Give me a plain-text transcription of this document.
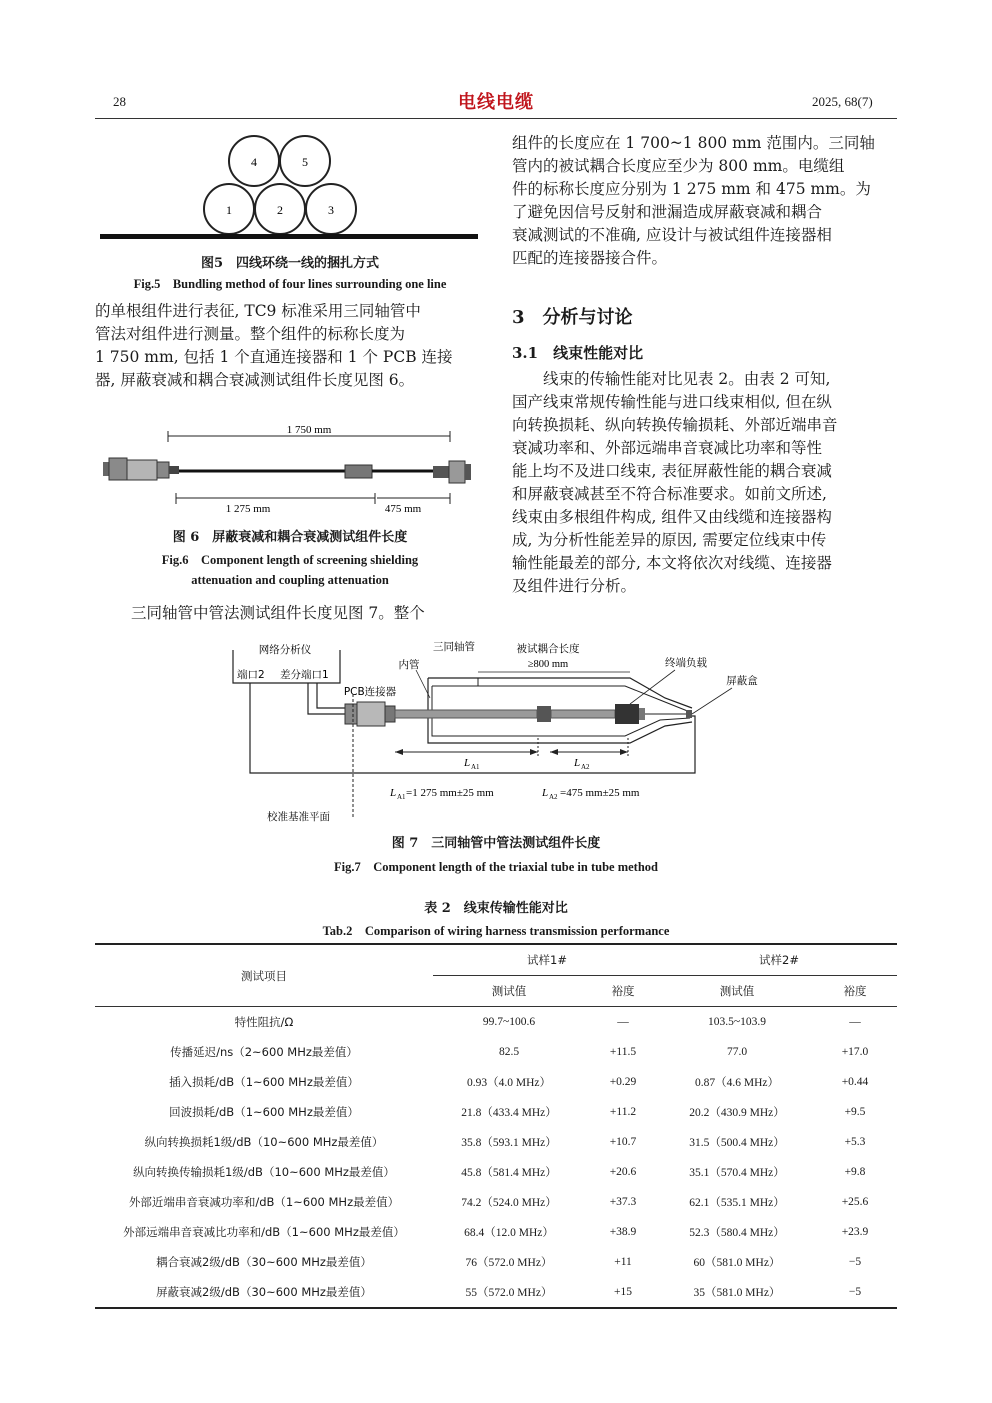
28	电线电缆	2025, 68(7)
4	5
1	2	3
图5　四线环绕一线的捆扎方式
Fig.5　Bundling method of four lines surrounding one line
的单根组件进行表征, TC9 标准采用三同轴管中
管法对组件进行测量。整个组件的标称长度为
1 750 mm, 包括 1 个直通连接器和 1 个 PCB 连接
器, 屏蔽衰减和耦合衰减测试组件长度见图 6。
1 750 mm
1 275 mm	475 mm
图 6　屏蔽衰减和耦合衰减测试组件长度
Fig.6　Component length of screening shielding
attenuation and coupling attenuation
三同轴管中管法测试组件长度见图 7。整个
组件的长度应在 1 700~1 800 mm 范围内。三同轴
管内的被试耦合长度应至少为 800 mm。电缆组
件的标称长度应分别为 1 275 mm 和 475 mm。为
了避免因信号反射和泄漏造成屏蔽衰减和耦合
衰减测试的不准确, 应设计与被试组件连接器相
匹配的连接器接合件。
3　分析与讨论
3.1　线束性能对比
线束的传输性能对比见表 2。由表 2 可知,
国产线束常规传输性能与进口线束相似, 但在纵
向转换损耗、纵向转换传输损耗、外部近端串音
衰减功率和、外部远端串音衰减比功率和等性
能上均不及进口线束, 表征屏蔽性能的耦合衰减
和屏蔽衰减甚至不符合标准要求。如前文所述,
线束由多根组件构成, 组件又由线缆和连接器构
成, 为分析性能差异的原因, 需要定位线束中传
输性能最差的部分, 本文将依次对线缆、连接器
及组件进行分析。
网络分析仪
端口2 差分端口1
三同轴管
内管
被试耦合长度
≥800 mm	终端负载
屏蔽盒
PCB连接器
L A1	L A2
L A1 =1 275 mm±25 mm	L A2 =475 mm±25 mm
校准基准平面
图 7　三同轴管中管法测试组件长度
Fig.7　Component length of the triaxial tube in tube method
表 2　线束传输性能对比
Tab.2　Comparison of wiring harness transmission performance
测试项目	试样1#		试样2#	
	测试值	裕度	测试值	裕度
特性阻抗/Ω	99.7~100.6	—	103.5~103.9	—
传播延迟/ns（2~600 MHz最差值）	82.5	+11.5	77.0	+17.0
插入损耗/dB（1~600 MHz最差值）	0.93（4.0 MHz）	+0.29	0.87（4.6 MHz）	+0.44
回波损耗/dB（1~600 MHz最差值）	21.8（433.4 MHz）	+11.2	20.2（430.9 MHz）	+9.5
纵向转换损耗1级/dB（10~600 MHz最差值）	35.8（593.1 MHz）	+10.7	31.5（500.4 MHz）	+5.3
纵向转换传输损耗1级/dB（10~600 MHz最差值）	45.8（581.4 MHz）	+20.6	35.1（570.4 MHz）	+9.8
外部近端串音衰减功率和/dB（1~600 MHz最差值）	74.2（524.0 MHz）	+37.3	62.1（535.1 MHz）	+25.6
外部远端串音衰减比功率和/dB（1~600 MHz最差值）	68.4（12.0 MHz）	+38.9	52.3（580.4 MHz）	+23.9
耦合衰减2级/dB（30~600 MHz最差值）	76（572.0 MHz）	+11	60（581.0 MHz）	−5
屏蔽衰减2级/dB（30~600 MHz最差值）	55（572.0 MHz）	+15	35（581.0 MHz）	−5
